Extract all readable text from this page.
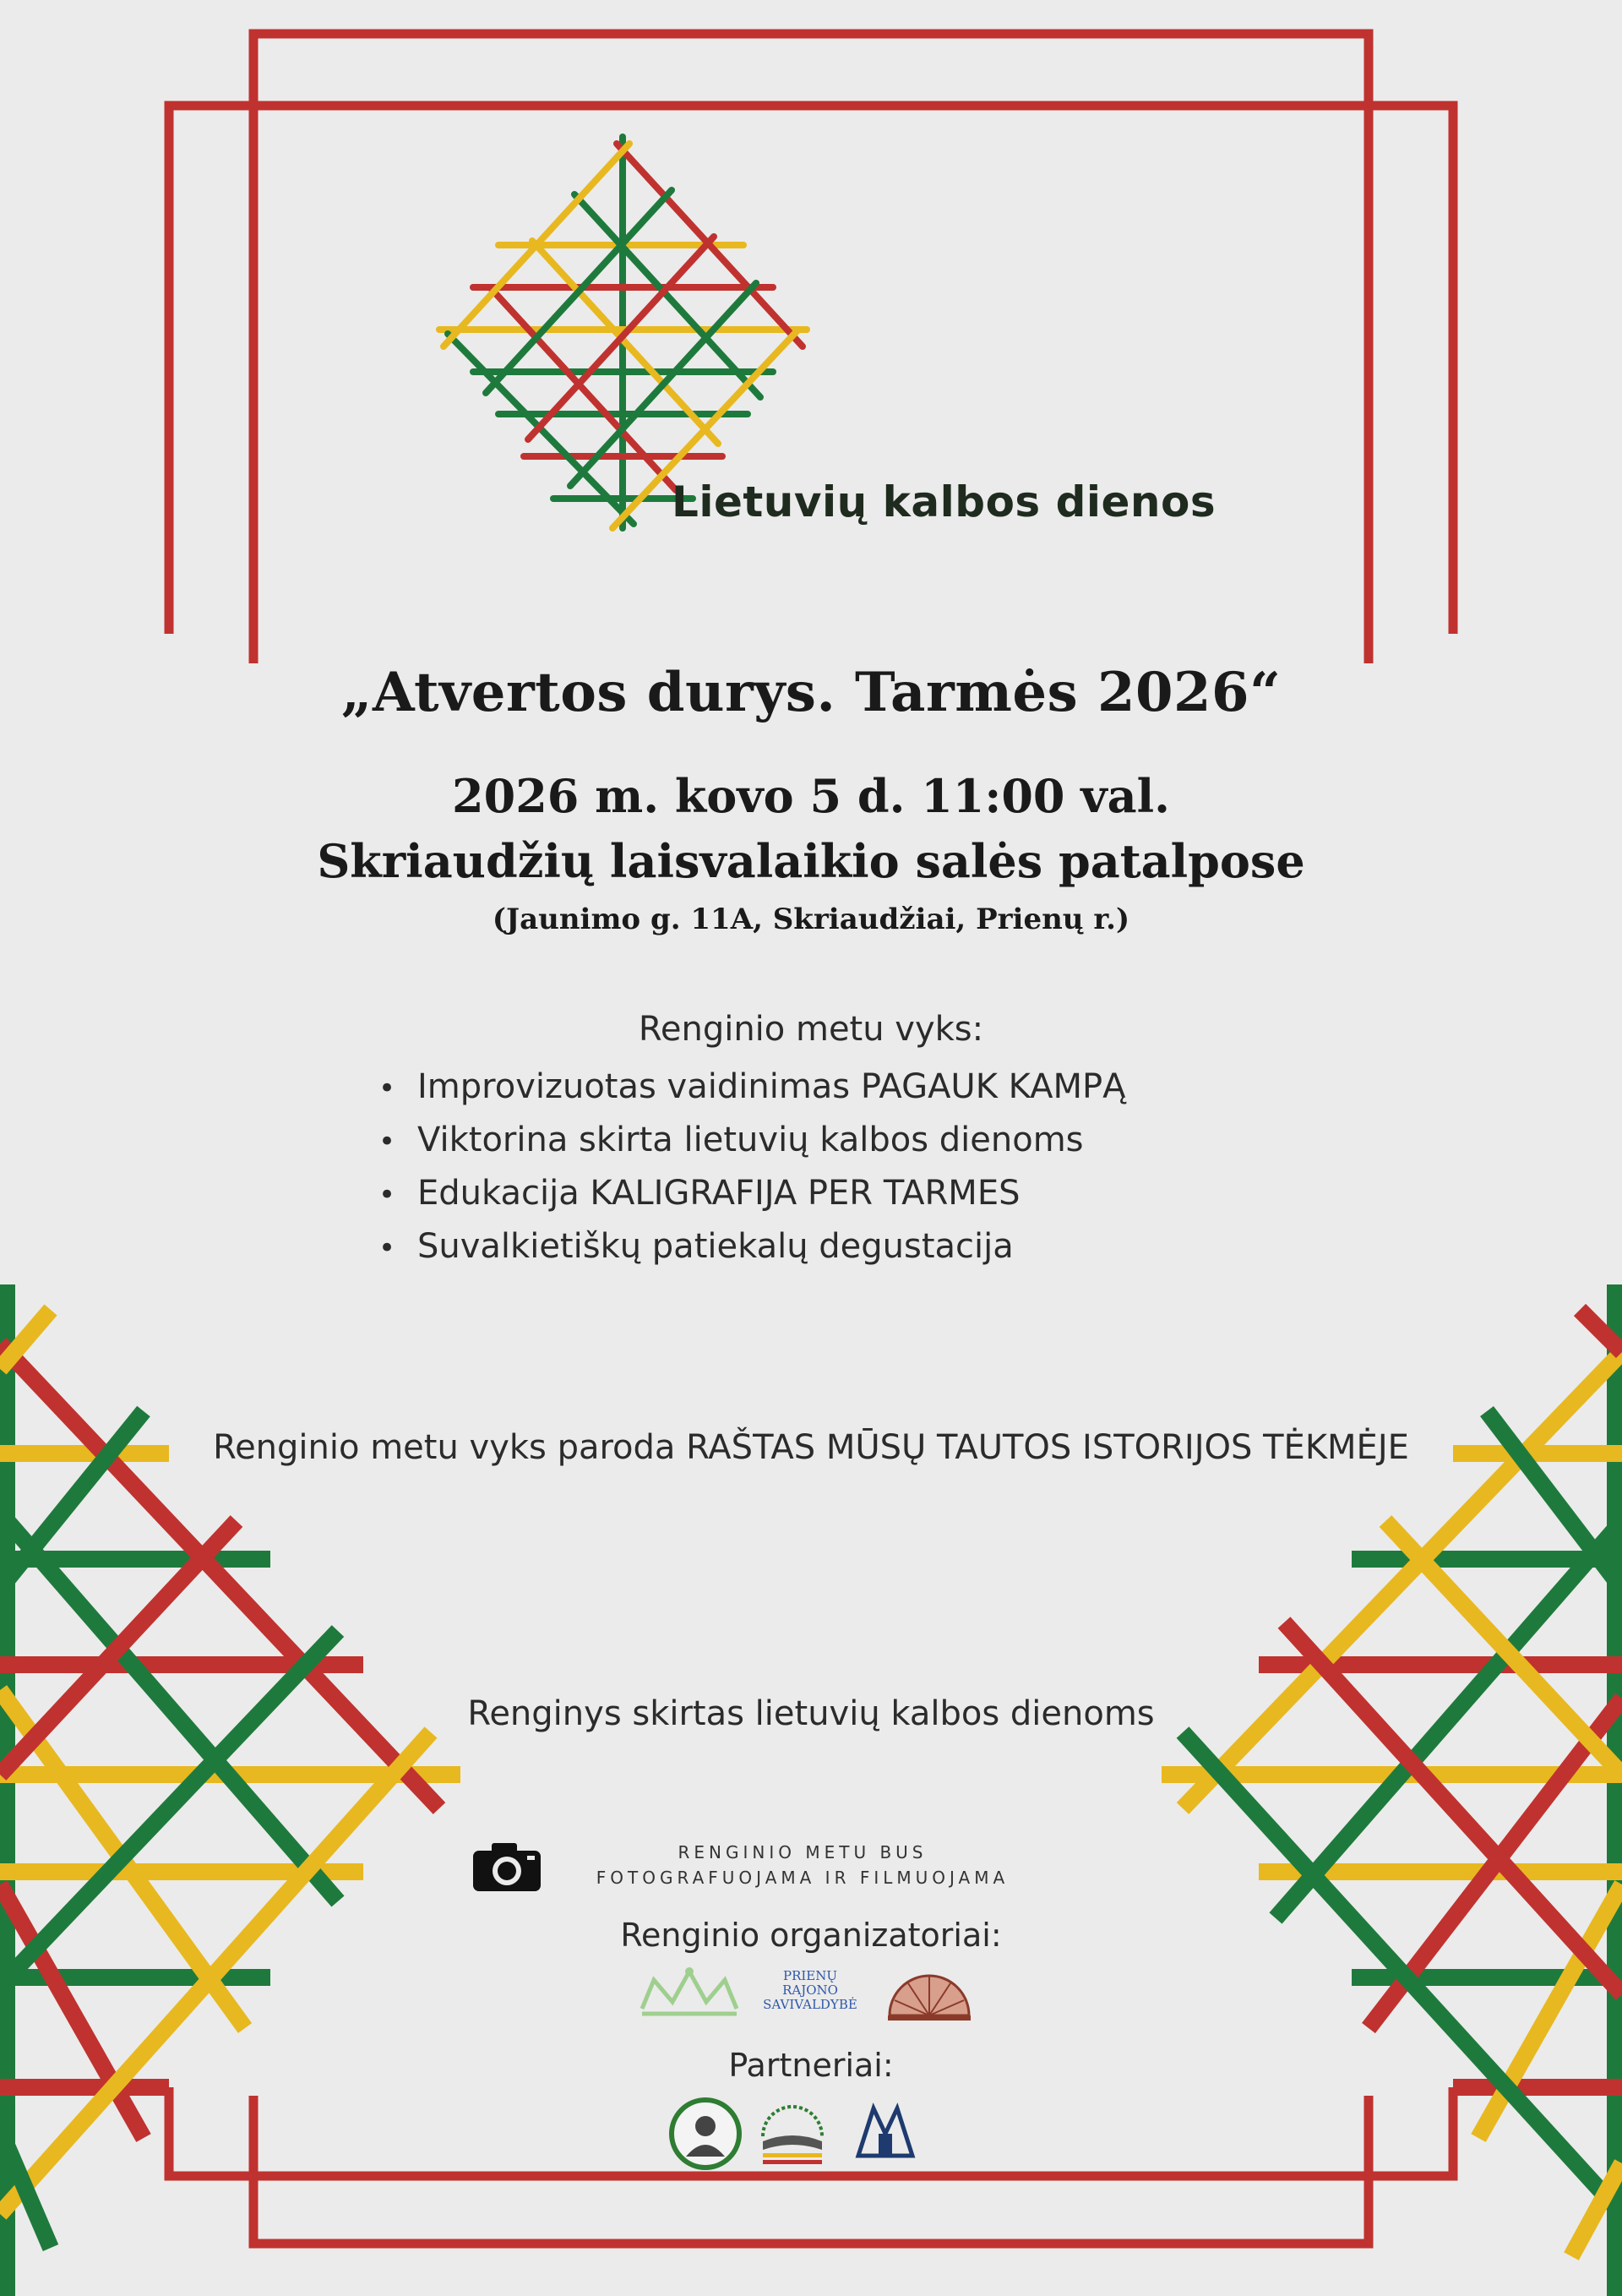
Lietuvių kalbos dienos
„Atvertos durys. Tarmės 2026“
2026 m. kovo 5 d. 11:00 val.
Skriaudžių laisvalaikio salės patalpose
(Jaunimo g. 11A, Skriaudžiai, Prienų r.)
Renginio metu vyks:
• Improvizuotas vaidinimas PAGAUK KAMPĄ
• Viktorina skirta lietuvių kalbos dienoms
• Edukacija KALIGRAFIJA PER TARMES
• Suvalkietiškų patiekalų degustacija
Renginio metu vyks paroda RAŠTAS MŪSŲ TAUTOS ISTORIJOS TĖKMĖJE
Renginys skirtas lietuvių kalbos dienoms
RENGINIO METU BUS
FOTOGRAFUOJAMA IR FILMUOJAMA
Renginio organizatoriai:
PRIENŲ RAJONO SAVIVALDYBĖ
Partneriai:
